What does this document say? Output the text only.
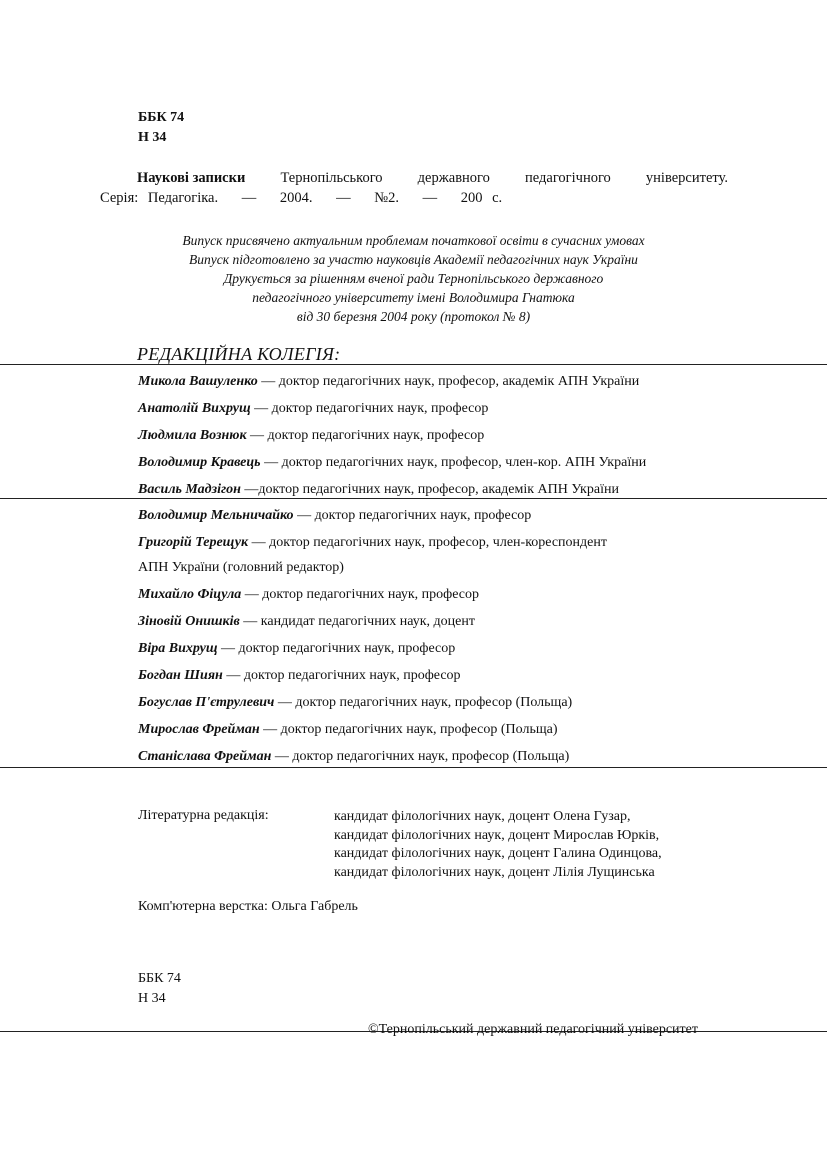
ББК 74
Н 34
Наукові записки Тернопільського державного педагогічного університету.
Серія: Педагогіка. — 2004. — №2. — 200 с.
Випуск присвячено актуальним проблемам початкової освіти в сучасних умовах
Випуск підготовлено за участю науковців Академії педагогічних наук України
Друкується за рішенням вченої ради Тернопільського державного
педагогічного університету імені Володимира Гнатюка
від 30 березня 2004 року (протокол № 8)
РЕДАКЦІЙНА КОЛЕГІЯ:
Микола Вашуленко — доктор педагогічних наук, професор, академік АПН України
Анатолій Вихрущ — доктор педагогічних наук, професор
Людмила Вознюк — доктор педагогічних наук, професор
Володимир Кравець — доктор педагогічних наук, професор, член-кор. АПН України
Василь Мадзігон —доктор педагогічних наук, професор, академік АПН України
Володимир Мельничайко — доктор педагогічних наук, професор
Григорій Терещук — доктор педагогічних наук, професор, член-кореспондент
АПН України (головний редактор)
Михайло Фіцула — доктор педагогічних наук, професор
Зіновій Онишків — кандидат педагогічних наук, доцент
Віра Вихрущ — доктор педагогічних наук, професор
Богдан Шиян — доктор педагогічних наук, професор
Богуслав П'єтрулевич — доктор педагогічних наук, професор (Польща)
Мирослав Фрейман — доктор педагогічних наук, професор (Польща)
Станіслава Фрейман — доктор педагогічних наук, професор (Польща)
Літературна редакція:	кандидат філологічних наук, доцент Олена Гузар,
кандидат філологічних наук, доцент Мирослав Юрків,
кандидат філологічних наук, доцент Галина Одинцова,
кандидат філологічних наук, доцент Лілія Лущинська
Комп'ютерна верстка: Ольга Габрель
ББК 74
Н 34
©Тернопільський державний педагогічний університет
